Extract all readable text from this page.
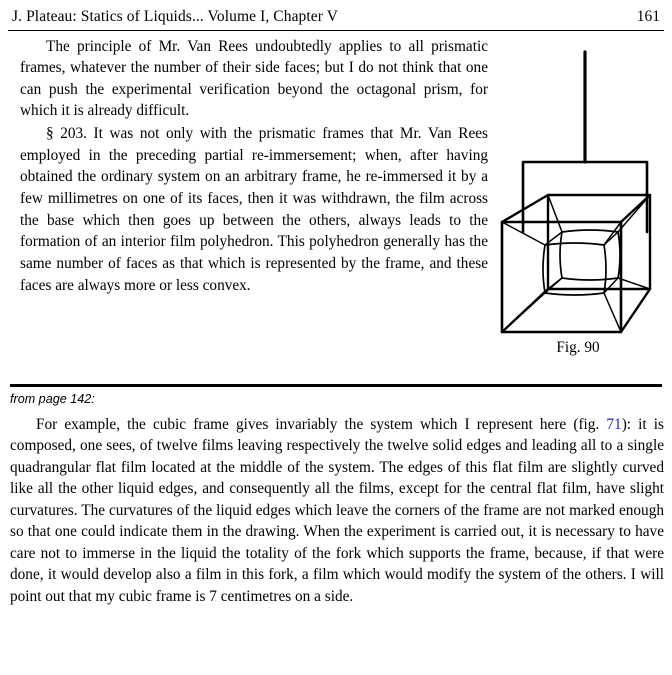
J. Plateau: Statics of Liquids... Volume I, Chapter V	161

The principle of Mr. Van Rees undoubtedly applies to all prismatic frames, whatever the number of their side faces; but I do not think that one can push the experimental verification beyond the octagonal prism, for which it is already difficult.

§ 203. It was not only with the prismatic frames that Mr. Van Rees employed in the preceding partial re-immersement; when, after having obtained the ordinary system on an arbitrary frame, he re-immersed it by a few millimetres on one of its faces, then it was withdrawn, the film across the base which then goes up between the others, always leads to the formation of an interior film polyhedron. This polyhedron generally has the same number of faces as that which is represented by the frame, and these faces are always more or less convex.

Fig. 90
from page 142:

For example, the cubic frame gives invariably the system which I represent here (fig. 71): it is composed, one sees, of twelve films leaving respectively the twelve solid edges and leading all to a single quadrangular flat film located at the middle of the system. The edges of this flat film are slightly curved like all the other liquid edges, and consequently all the films, except for the central flat film, have slight curvatures. The curvatures of the liquid edges which leave the corners of the frame are not marked enough so that one could indicate them in the drawing. When the experiment is carried out, it is necessary to have care not to immerse in the liquid the totality of the fork which supports the frame, because, if that were done, it would develop also a film in this fork, a film which would modify the system of the others. I will point out that my cubic frame is 7 centimetres on a side.
